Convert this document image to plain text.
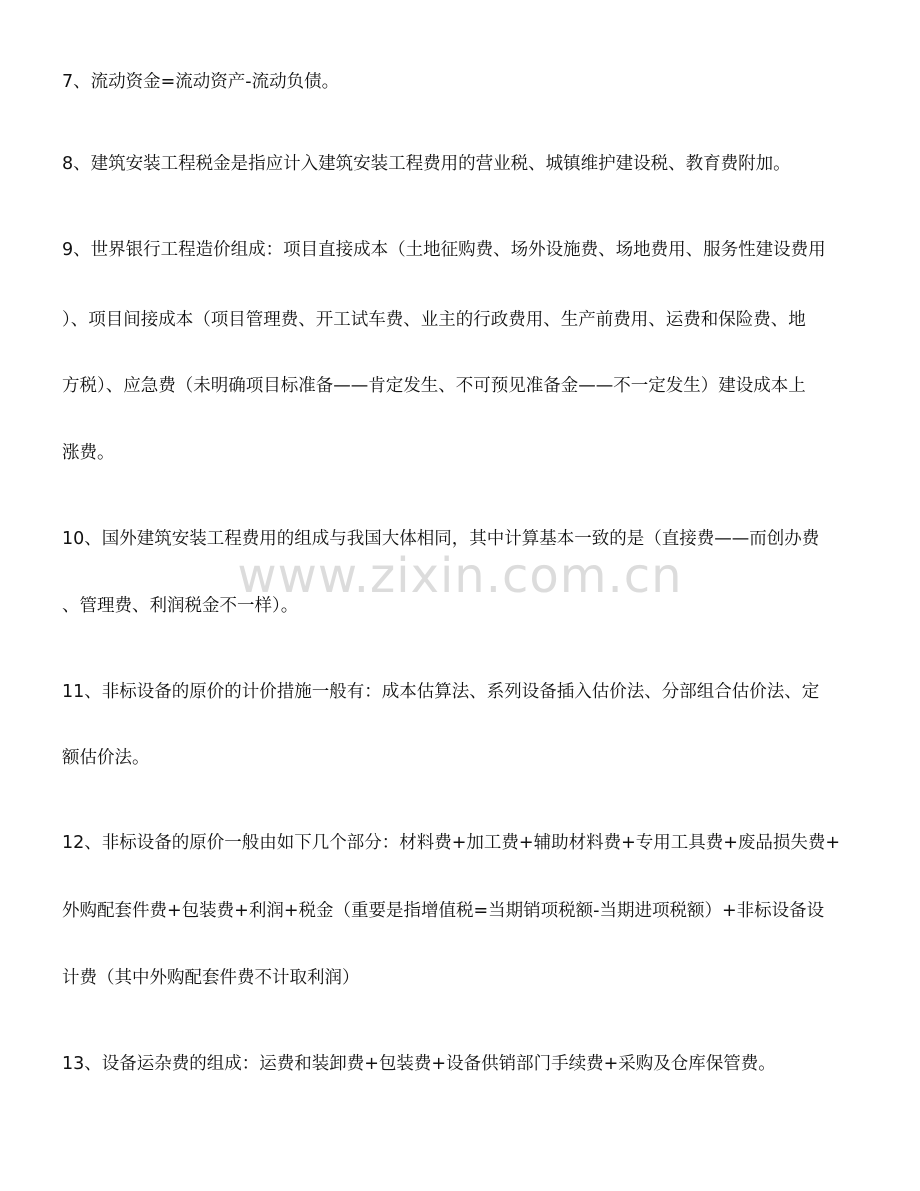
7、流动资金=流动资产-流动负债。
8、建筑安装工程税金是指应计入建筑安装工程费用的营业税、城镇维护建设税、教育费附加。
9、世界银行工程造价组成：项目直接成本（土地征购费、场外设施费、场地费用、服务性建设费用
）、项目间接成本（项目管理费、开工试车费、业主的行政费用、生产前费用、运费和保险费、地
方税）、应急费（未明确项目标准备——肯定发生、不可预见准备金——不一定发生）建设成本上
涨费。
10、国外建筑安装工程费用的组成与我国大体相同，其中计算基本一致的是（直接费——而创办费
、管理费、利润税金不一样）。
11、非标设备的原价的计价措施一般有：成本估算法、系列设备插入估价法、分部组合估价法、定
额估价法。
12、非标设备的原价一般由如下几个部分：材料费+加工费+辅助材料费+专用工具费+废品损失费+
外购配套件费+包装费+利润+税金（重要是指增值税=当期销项税额-当期进项税额）+非标设备设
计费（其中外购配套件费不计取利润）
13、设备运杂费的组成：运费和装卸费+包装费+设备供销部门手续费+采购及仓库保管费。
www.zixin.com.cn
